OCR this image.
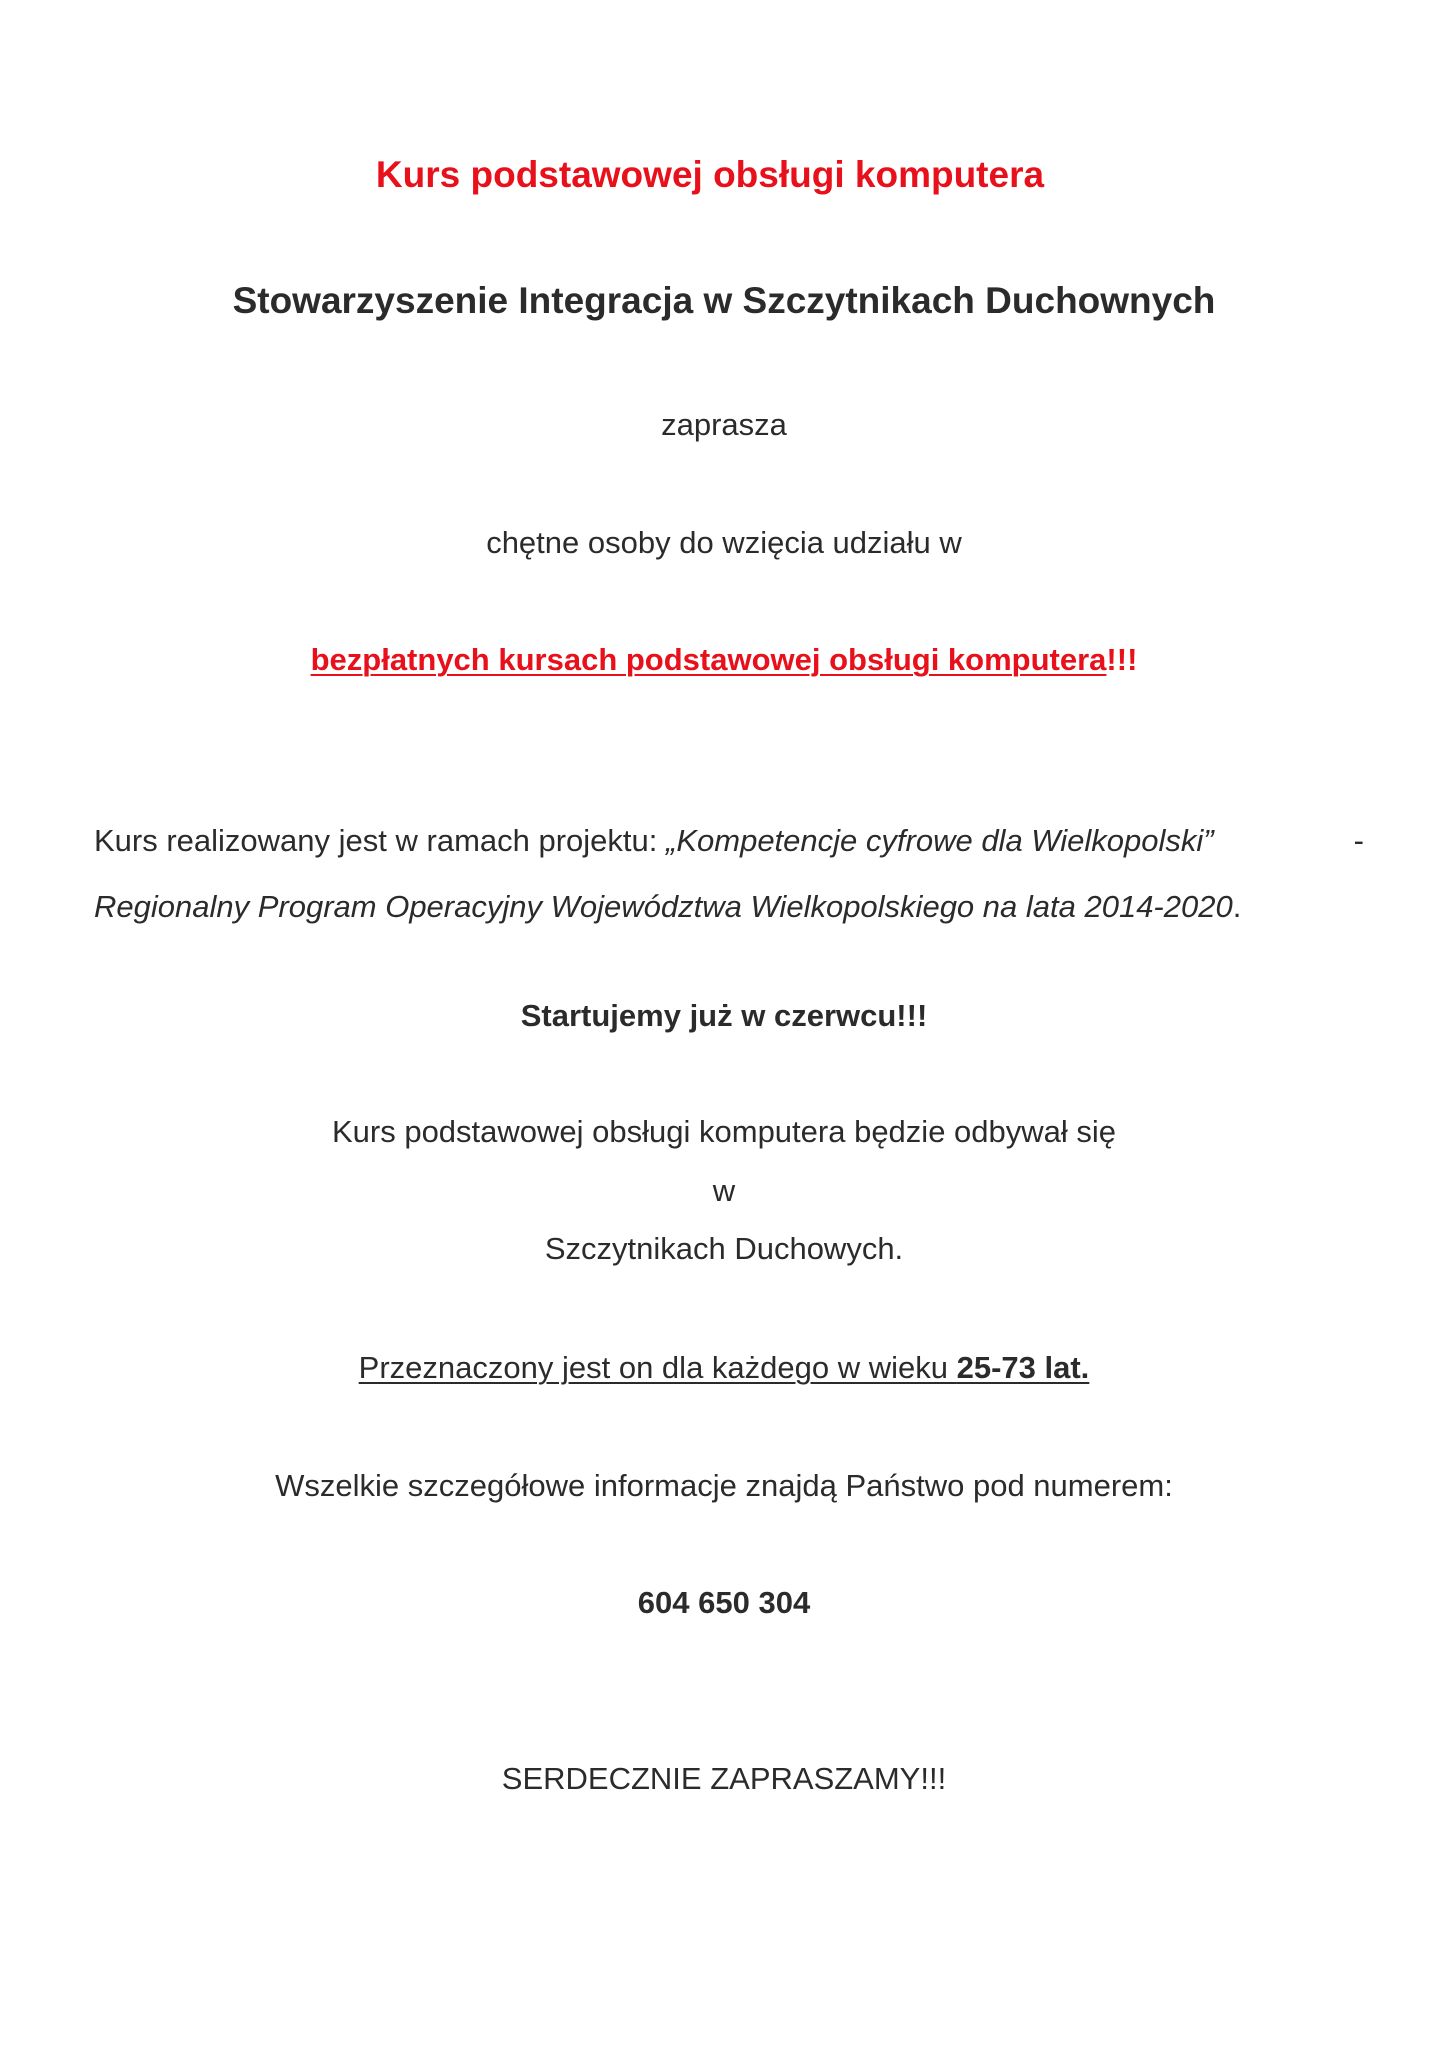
Kurs podstawowej obsługi komputera
Stowarzyszenie Integracja w Szczytnikach Duchownych
zaprasza
chętne osoby do wzięcia udziału w
bezpłatnych kursach podstawowej obsługi komputera!!!
Kurs realizowany jest w ramach projektu: „Kompetencje cyfrowe dla Wielkopolski”	-
Regionalny Program Operacyjny Województwa Wielkopolskiego na lata 2014-2020.
Startujemy już w czerwcu!!!
Kurs podstawowej obsługi komputera będzie odbywał się
w
Szczytnikach Duchowych.
Przeznaczony jest on dla każdego w wieku 25-73 lat.
Wszelkie szczegółowe informacje znajdą Państwo pod numerem:
604 650 304
SERDECZNIE ZAPRASZAMY!!!
